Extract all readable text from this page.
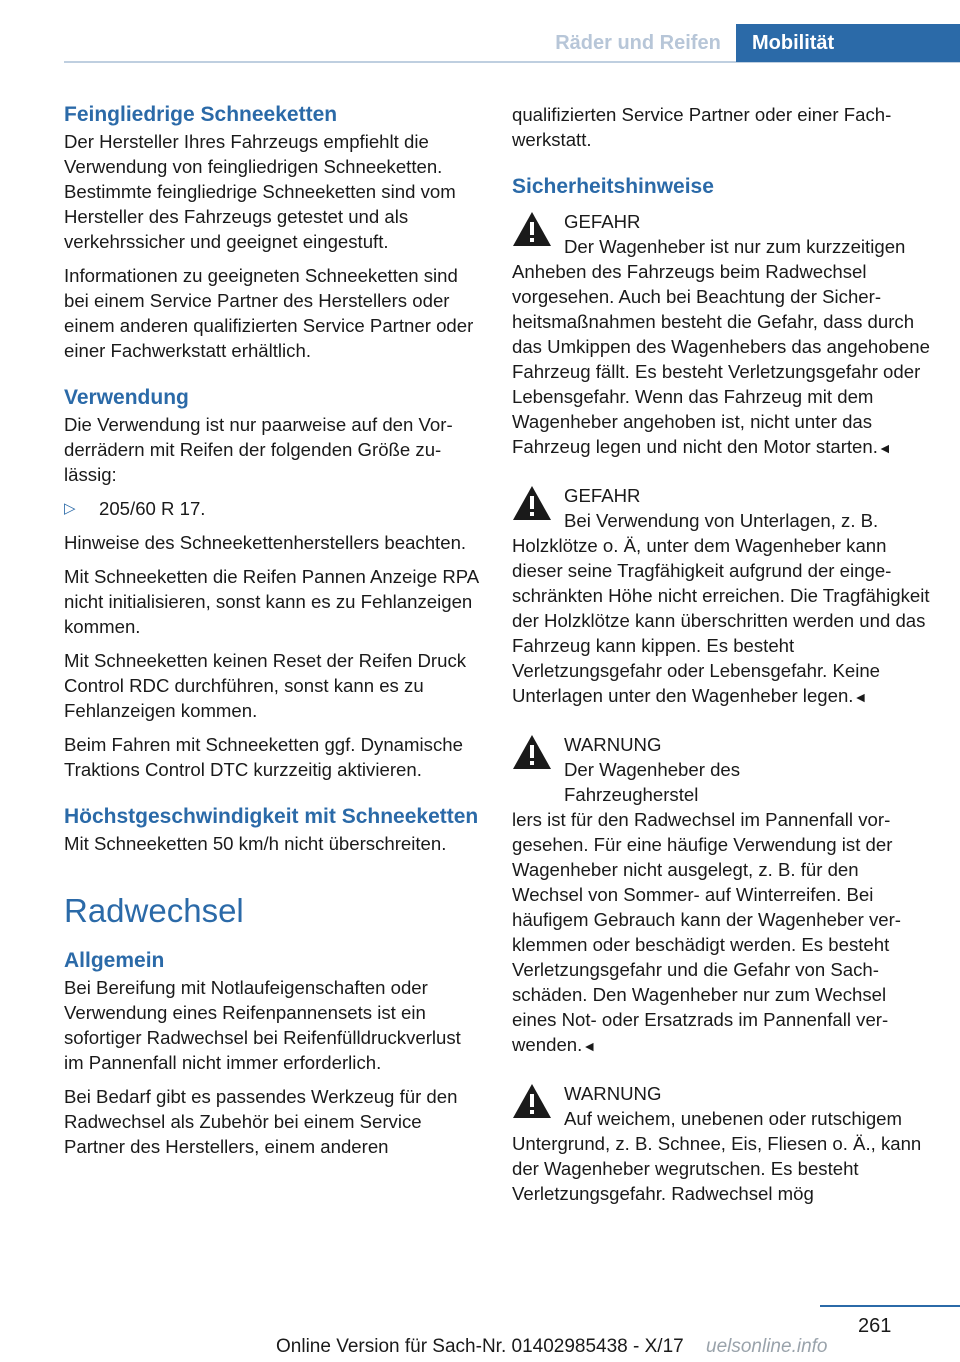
Räder und Reifen	Mobilität
Feingliedrige Schneeketten

Der Hersteller Ihres Fahrzeugs empfiehlt die Verwendung von feingliedrigen Schneeketten. Bestimmte feingliedrige Schneeketten sind vom Hersteller des Fahrzeugs getestet und als verkehrssicher und geeignet eingestuft.

Informationen zu geeigneten Schneeketten sind bei einem Service Partner des Herstellers oder einem anderen qualifizierten Service Partner oder einer Fachwerkstatt erhältlich.

Verwendung

Die Verwendung ist nur paarweise auf den Vorderrädern mit Reifen der folgenden Größe zulässig:

▷	205/60 R 17.

Hinweise des Schneekettenherstellers beachten.

Mit Schneeketten die Reifen Pannen Anzeige RPA nicht initialisieren, sonst kann es zu Fehlanzeigen kommen.

Mit Schneeketten keinen Reset der Reifen Druck Control RDC durchführen, sonst kann es zu Fehlanzeigen kommen.

Beim Fahren mit Schneeketten ggf. Dynamische Traktions Control DTC kurzzeitig aktivieren.

Höchstgeschwindigkeit mit Schneeketten

Mit Schneeketten 50 km/h nicht überschreiten.

Radwechsel
Allgemein

Bei Bereifung mit Notlaufeigenschaften oder Verwendung eines Reifenpannensets ist ein sofortiger Radwechsel bei Reifenfülldruckverlust im Pannenfall nicht immer erforderlich.

Bei Bedarf gibt es passendes Werkzeug für den Radwechsel als Zubehör bei einem Service Partner des Herstellers, einem anderen

qualifizierten Service Partner oder einer Fachwerkstatt.

Sicherheitshinweise
GEFAHR
Der Wagenheber ist nur zum kurzzeitigen
Anheben des Fahrzeugs beim Radwechsel vorgesehen. Auch bei Beachtung der Sicherheitsmaßnahmen besteht die Gefahr, dass durch das Umkippen des Wagenhebers das angehobene Fahrzeug fällt. Es besteht Verletzungsgefahr oder Lebensgefahr. Wenn das Fahrzeug mit dem Wagenheber angehoben ist, nicht unter das Fahrzeug legen und nicht den Motor starten.◄
GEFAHR
Bei Verwendung von Unterlagen, z. B.
Holzklötze o. Ä, unter dem Wagenheber kann dieser seine Tragfähigkeit aufgrund der eingeschränkten Höhe nicht erreichen. Die Tragfähigkeit der Holzklötze kann überschritten werden und das Fahrzeug kann kippen. Es besteht Verletzungsgefahr oder Lebensgefahr. Keine Unterlagen unter den Wagenheber legen.◄
WARNUNG
Der Wagenheber des Fahrzeugherstel
lers ist für den Radwechsel im Pannenfall vorgesehen. Für eine häufige Verwendung ist der Wagenheber nicht ausgelegt, z. B. für den Wechsel von Sommer- auf Winterreifen. Bei häufigem Gebrauch kann der Wagenheber verklemmen oder beschädigt werden. Es besteht Verletzungsgefahr und die Gefahr von Sachschäden. Den Wagenheber nur zum Wechsel eines Not- oder Ersatzrads im Pannenfall verwenden.◄
WARNUNG
Auf weichem, unebenen oder rutschigem
Untergrund, z. B. Schnee, Eis, Fliesen o. Ä., kann der Wagenheber wegrutschen. Es besteht Verletzungsgefahr. Radwechsel mög
261
Online Version für Sach-Nr. 01402985438 - X/17 uelsonline.info
